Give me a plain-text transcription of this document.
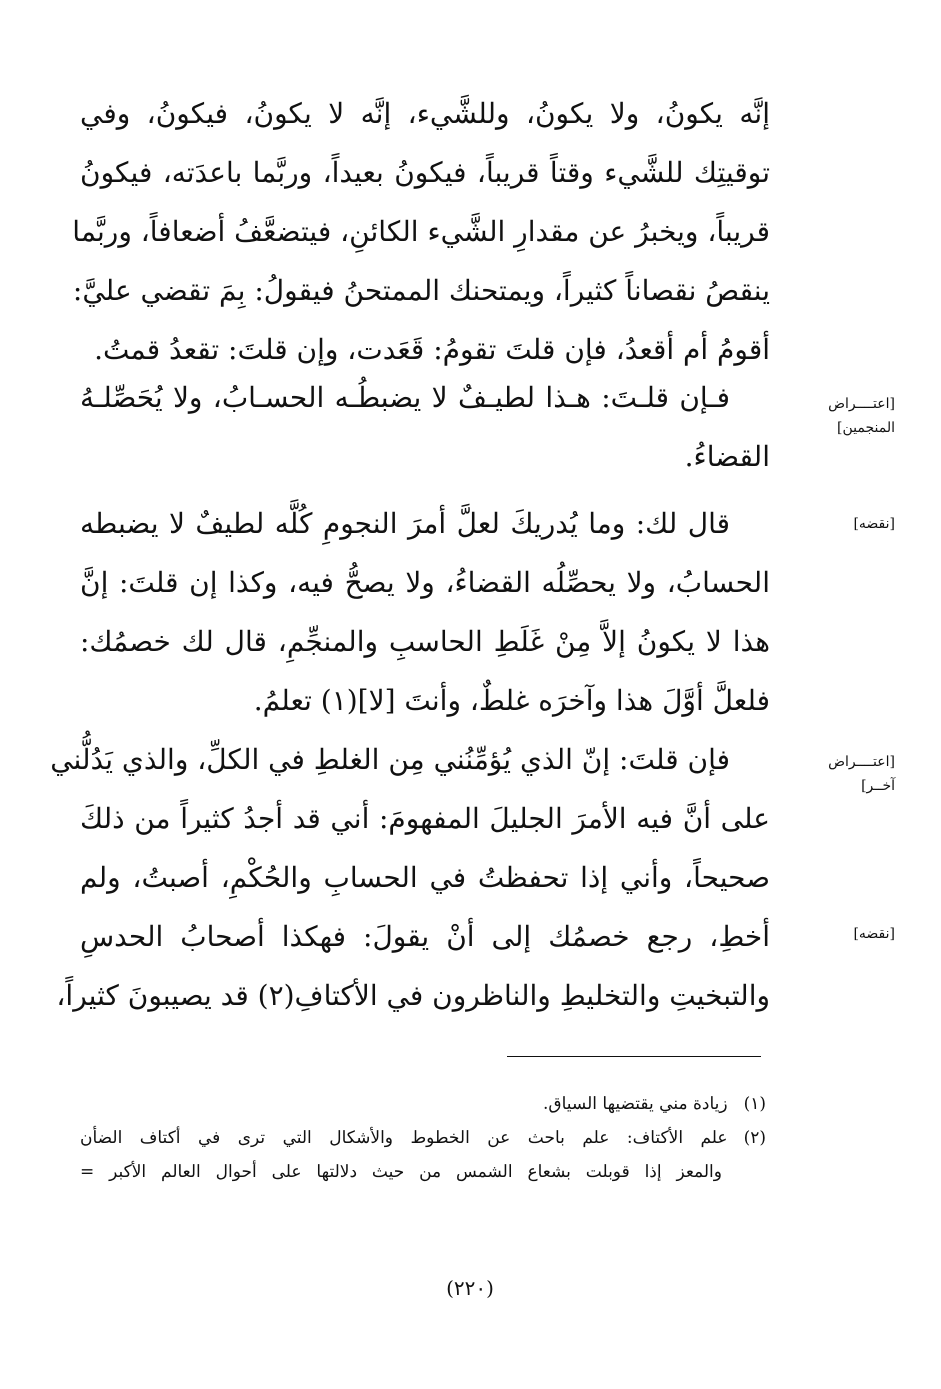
إنَّه يكونُ، ولا يكونُ، وللشَّيء، إنَّه لا يكونُ، فيكونُ، وفي
توقيتِك للشَّيء وقتاً قريباً، فيكونُ بعيداً، وربَّما باعدَته، فيكونُ
قريباً، ويخبرُ عن مقدارِ الشَّيء الكائنِ، فيتضعَّفُ أضعافاً، وربَّما
ينقصُ نقصاناً كثيراً، ويمتحنك الممتحنُ فيقولُ: بِمَ تقضي عليَّ:
أقومُ أم أقعدُ، فإن قلتَ تقومُ: قَعَدت، وإن قلتَ: تقعدُ قمتُ.
[اعتــــراض المنجمين]
فـإن قلـتَ: هـذا لطيـفٌ لا يضبطُـه الحسـابُ، ولا يُحَصِّلـهُ
القضاءُ.
[نقضه]
قال لك: وما يُدريكَ لعلَّ أمرَ النجومِ كُلَّه لطيفٌ لا يضبطه
الحسابُ، ولا يحصِّلُه القضاءُ، ولا يصحُّ فيه، وكذا إن قلتَ: إنَّ
هذا لا يكونُ إلاَّ مِنْ غَلَطِ الحاسبِ والمنجِّمِ، قال لك خصمُك:
فلعلَّ أوَّلَ هذا وآخرَه غلطٌ، وأنتَ [لا](١) تعلمُ.
[اعتــــراض آخــر]
[نقضه]
فإن قلتَ: إنّ الذي يُؤمِّنُني مِن الغلطِ في الكلِّ، والذي يَدُلُّني
على أنَّ فيه الأمرَ الجليلَ المفهومَ: أني قد أجدُ كثيراً من ذلكَ
صحيحاً، وأني إذا تحفظتُ في الحسابِ والحُكْمِ، أصبتُ، ولم
أخطِ، رجع خصمُك إلى أنْ يقولَ: فهكذا أصحابُ الحدسِ
والتبخيتِ والتخليطِ والناظرون في الأكتافِ(٢) قد يصيبونَ كثيراً،
(١)زيادة مني يقتضيها السياق.
(٢)علم الأكتاف: علم باحث عن الخطوط والأشكال التي ترى في أكتاف الضأن
والمعز إذا قوبلت بشعاع الشمس من حيث دلالتها على أحوال العالم الأكبر =
(٢٢٠)
